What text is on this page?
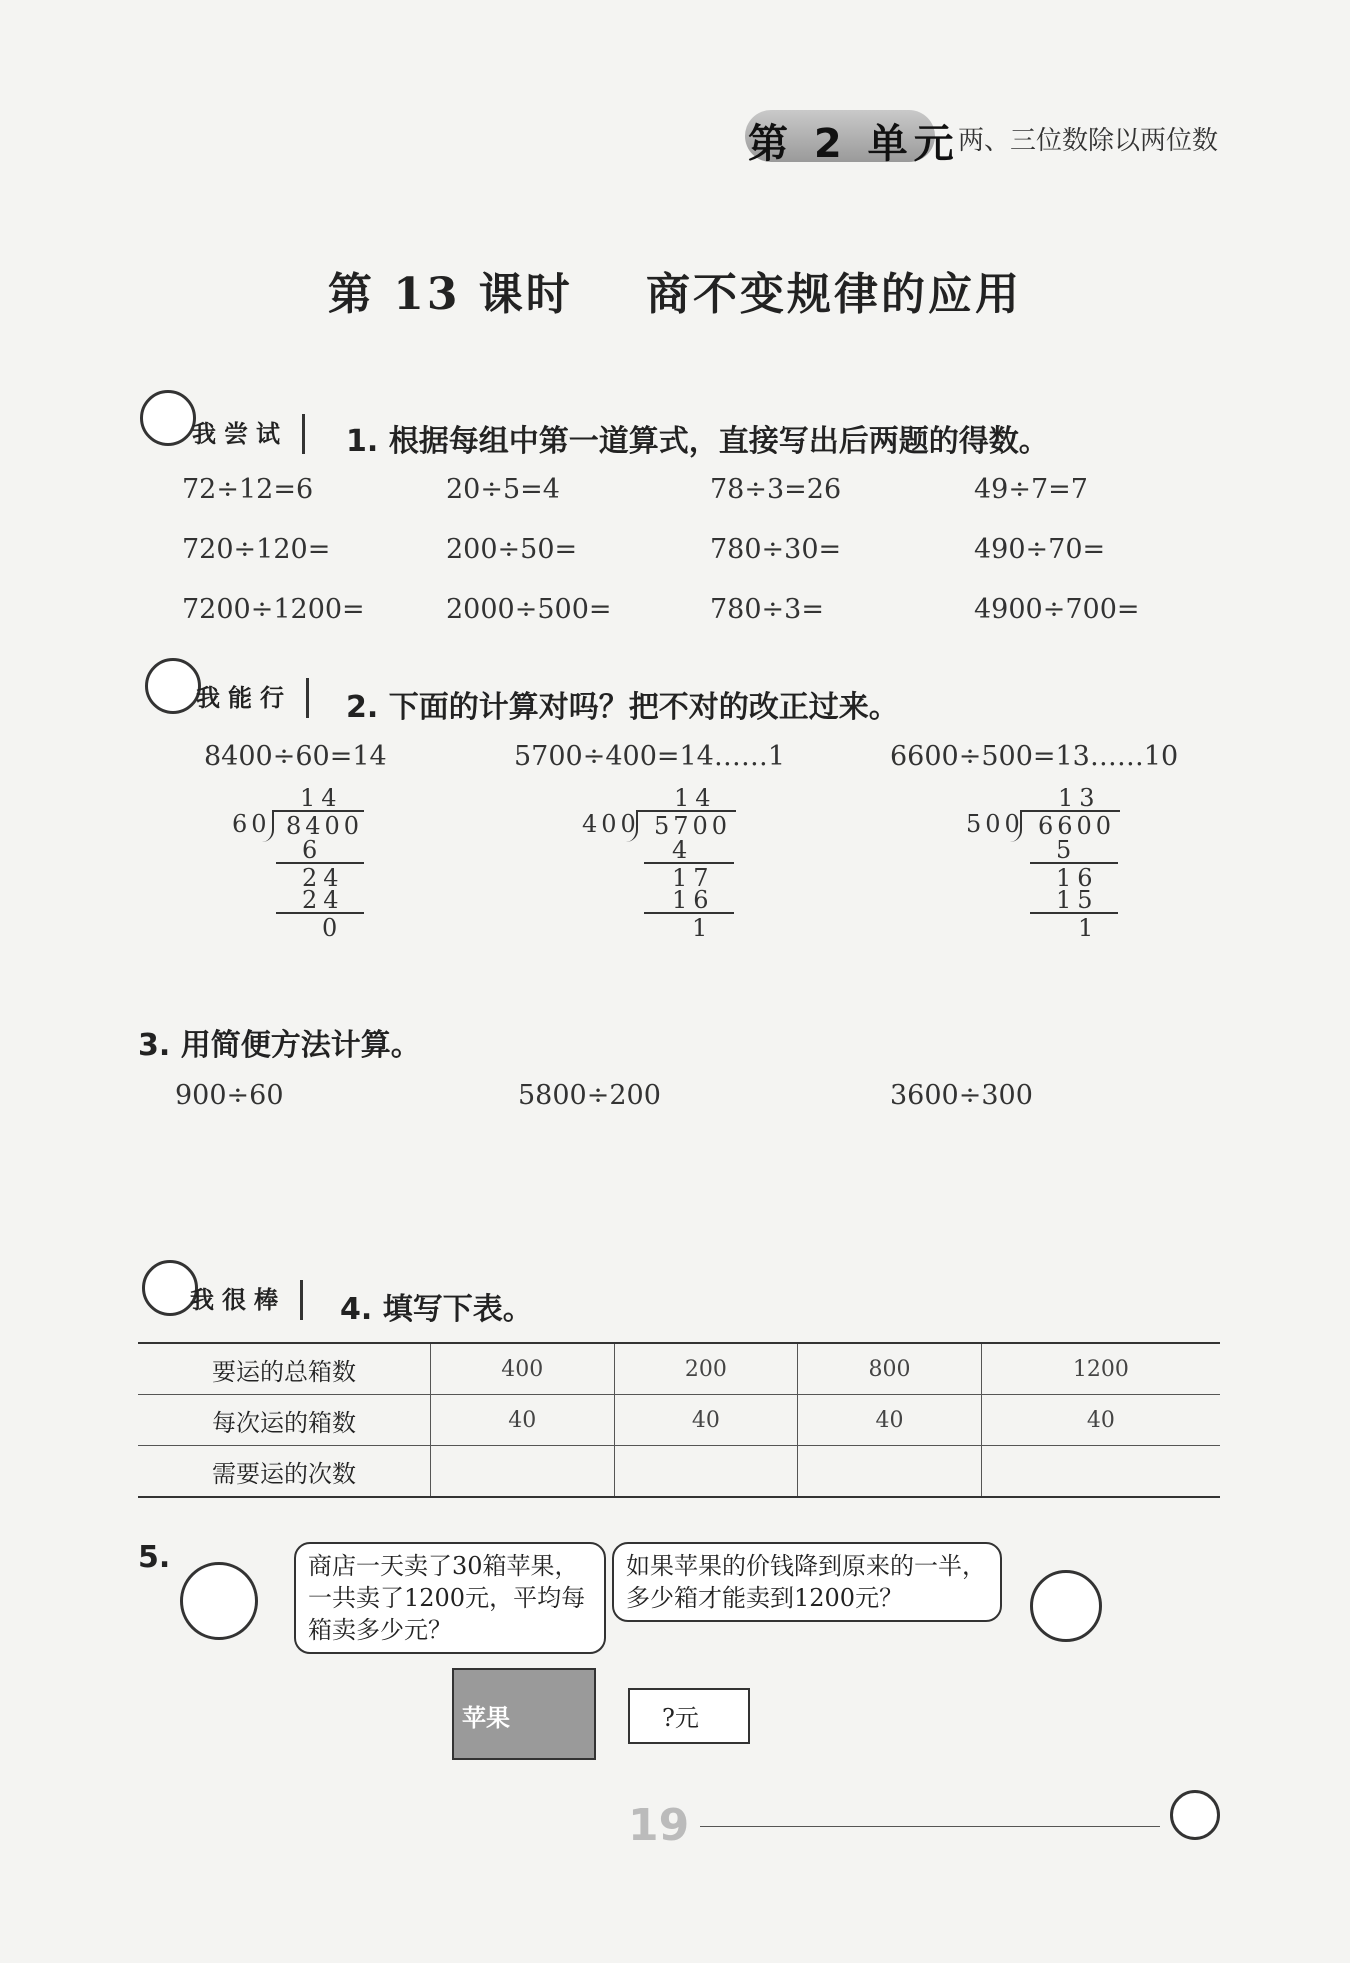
第 2 单元
两、三位数除以两位数
第 13 课时    商不变规律的应用
我尝试	1. 根据每组中第一道算式，直接写出后两题的得数。
72÷12=6	20÷5=4	78÷3=26	49÷7=7
720÷120=	200÷50=	780÷30=	490÷70=
7200÷1200=	2000÷500=	780÷3=	4900÷700=
我能行	2. 下面的计算对吗？把不对的改正过来。
8400÷60=14
14
60 8400
6
24
24
0
5700÷400=14……1
14
400 5700
4
17
16
1
6600÷500=13……10
13
500 6600
5
16
15
1
3. 用简便方法计算。
900÷60	5800÷200	3600÷300
我很棒	4. 填写下表。
要运的总箱数	400	200	800	1200
每次运的箱数	40	40	40	40
需要运的次数				
5.	商店一天卖了30箱苹果，一共卖了1200元，平均每箱卖多少元？
如果苹果的价钱降到原来的一半，多少箱才能卖到1200元？
苹果	?元
19
